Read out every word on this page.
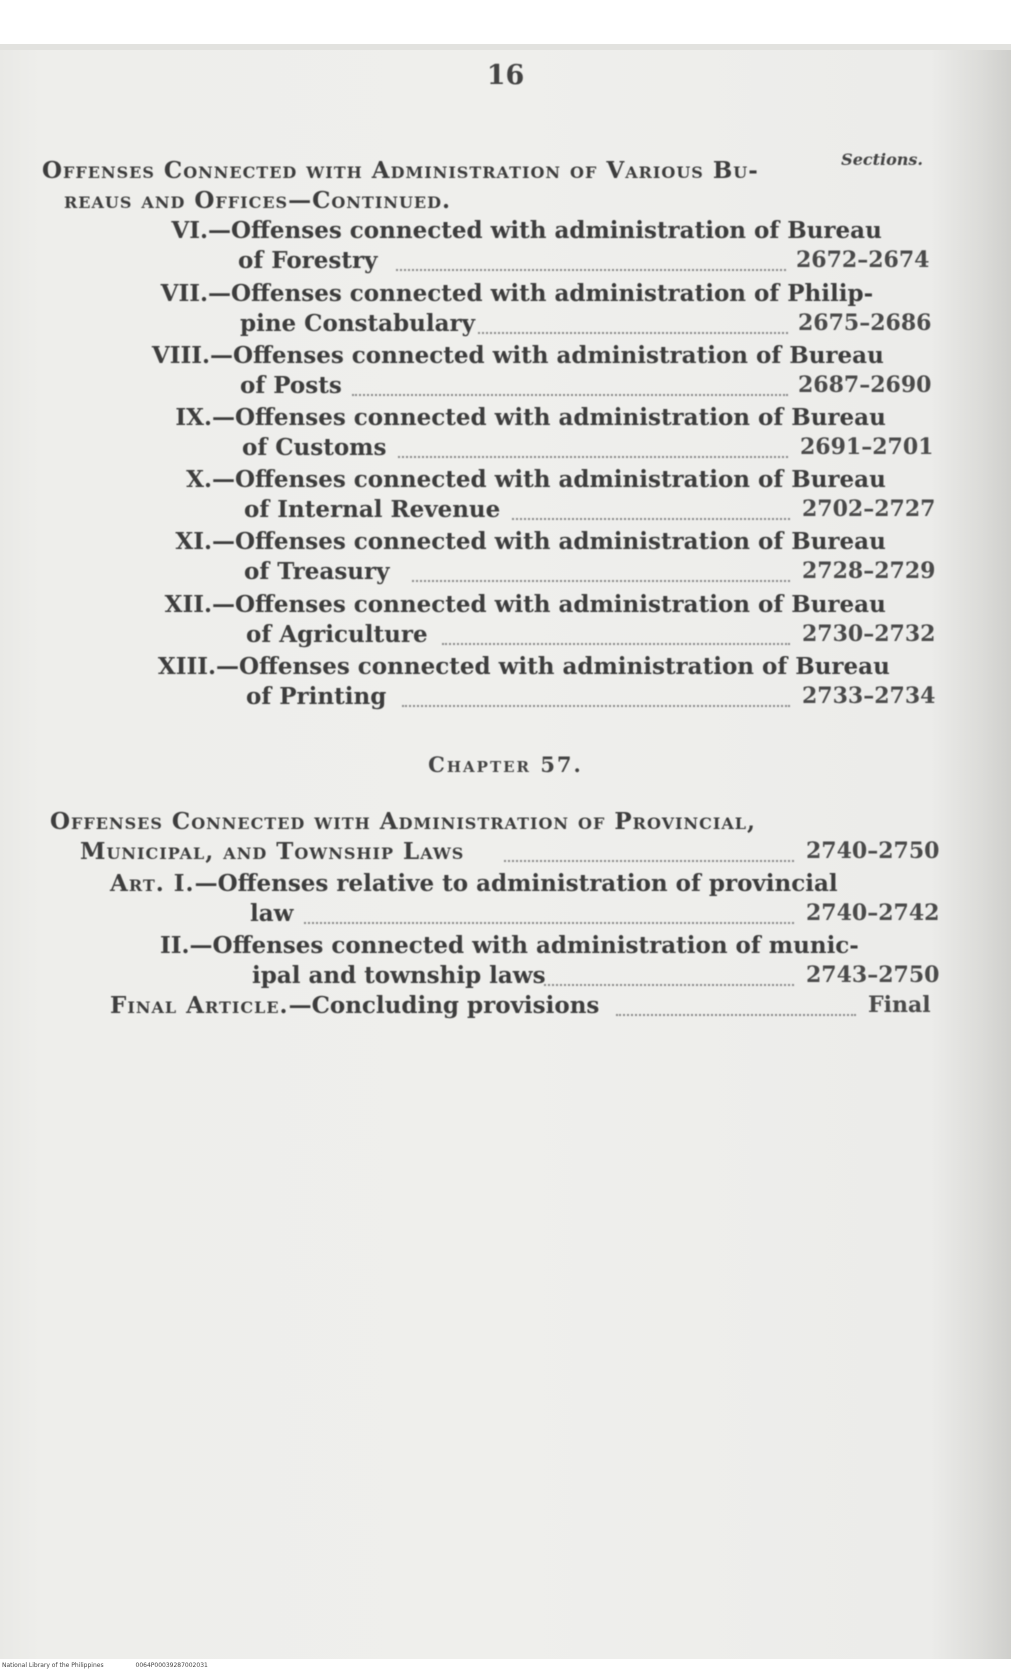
16
Offenses Connected with Administration of Various Bu-
reaus and Offices—Continued.
Sections.
VI.—Offenses connected with administration of Bureau
of Forestry	2672–2674
VII.—Offenses connected with administration of Philip-
pine Constabulary	2675–2686
VIII.—Offenses connected with administration of Bureau
of Posts	2687–2690
IX.—Offenses connected with administration of Bureau
of Customs	2691–2701
X.—Offenses connected with administration of Bureau
of Internal Revenue	2702–2727
XI.—Offenses connected with administration of Bureau
of Treasury	2728–2729
XII.—Offenses connected with administration of Bureau
of Agriculture	2730–2732
XIII.—Offenses connected with administration of Bureau
of Printing	2733–2734
Chapter 57.
Offenses Connected with Administration of Provincial,
Municipal, and Township Laws	2740–2750
Art. I.—Offenses relative to administration of provincial
law	2740–2742
II.—Offenses connected with administration of munic-
ipal and township laws	2743–2750
Final Article.—Concluding provisions	Final
National Library of the Philippines	0064P00039287002031
